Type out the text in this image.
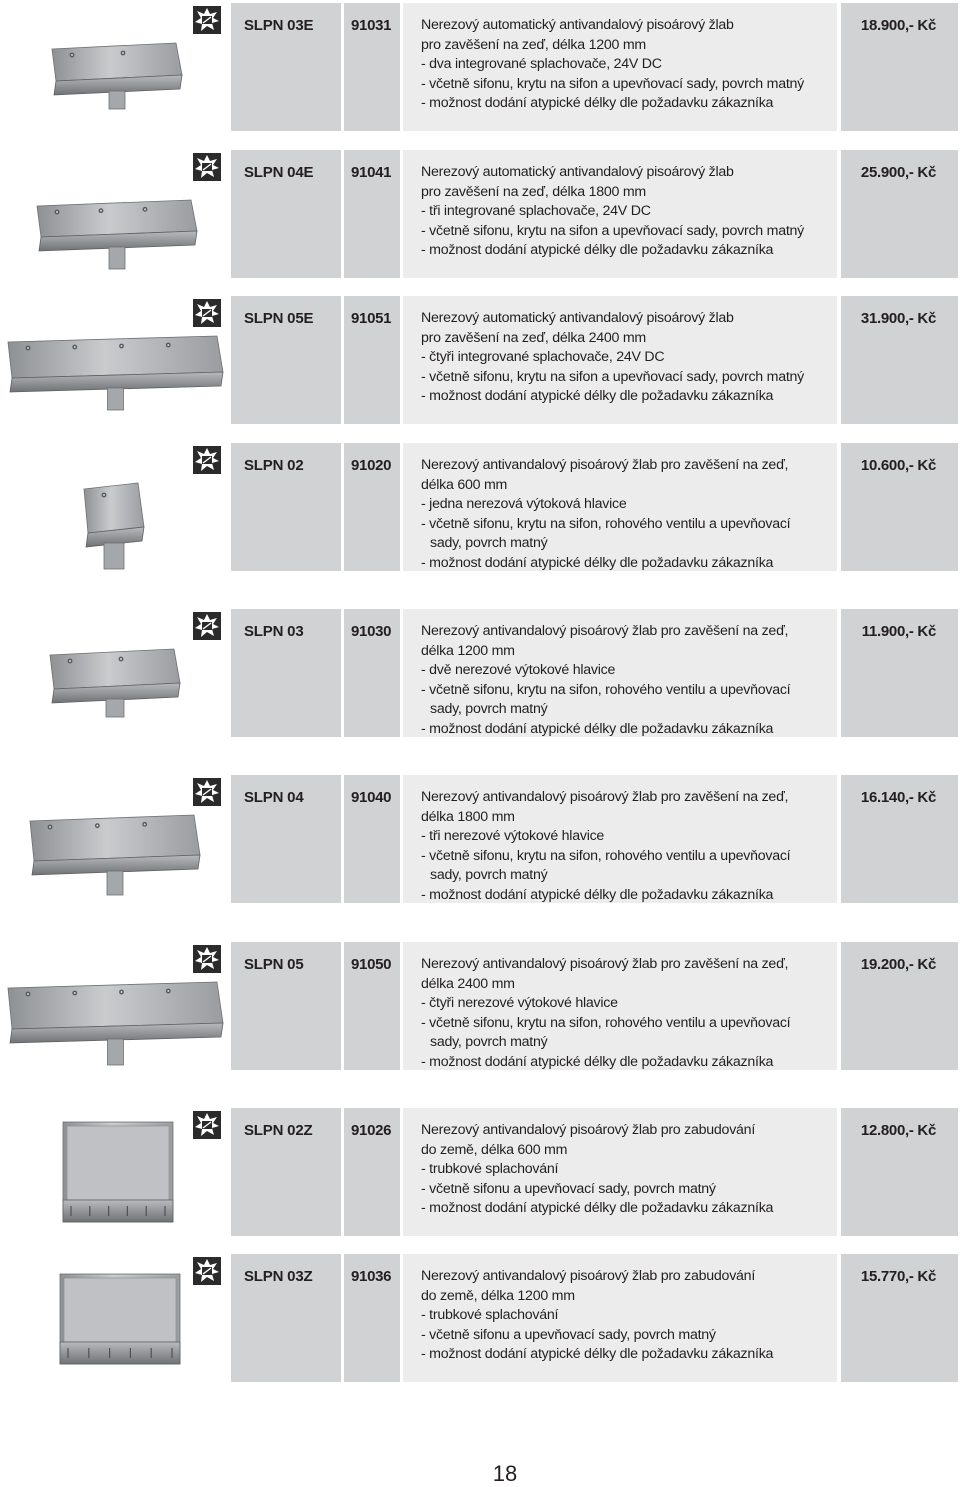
SLPN 03E	91031 Nerezový automatický antivandalový pisoárový žlab
pro zavěšení na zeď, délka 1200 mm
- dva integrované splachovače, 24V DC
- včetně sifonu, krytu na sifon a upevňovací sady, povrch matný
- možnost dodání atypické délky dle požadavku zákazníka
18.900,- Kč
SLPN 04E	91041 Nerezový automatický antivandalový pisoárový žlab
pro zavěšení na zeď, délka 1800 mm
- tři integrované splachovače, 24V DC
- včetně sifonu, krytu na sifon a upevňovací sady, povrch matný
- možnost dodání atypické délky dle požadavku zákazníka
25.900,- Kč
SLPN 05E	91051 Nerezový automatický antivandalový pisoárový žlab
pro zavěšení na zeď, délka 2400 mm
- čtyři integrované splachovače, 24V DC
- včetně sifonu, krytu na sifon a upevňovací sady, povrch matný
- možnost dodání atypické délky dle požadavku zákazníka
31.900,- Kč
SLPN 02	91020 Nerezový antivandalový pisoárový žlab pro zavěšení na zeď,
délka 600 mm
- jedna nerezová výtoková hlavice
- včetně sifonu, krytu na sifon, rohového ventilu a upevňovací
sady, povrch matný
- možnost dodání atypické délky dle požadavku zákazníka
10.600,- Kč
SLPN 03	91030 Nerezový antivandalový pisoárový žlab pro zavěšení na zeď,
délka 1200 mm
- dvě nerezové výtokové hlavice
- včetně sifonu, krytu na sifon, rohového ventilu a upevňovací
sady, povrch matný
- možnost dodání atypické délky dle požadavku zákazníka
11.900,- Kč
SLPN 04	91040 Nerezový antivandalový pisoárový žlab pro zavěšení na zeď,
délka 1800 mm
- tři nerezové výtokové hlavice
- včetně sifonu, krytu na sifon, rohového ventilu a upevňovací
sady, povrch matný
- možnost dodání atypické délky dle požadavku zákazníka
16.140,- Kč
SLPN 05	91050 Nerezový antivandalový pisoárový žlab pro zavěšení na zeď,
délka 2400 mm
- čtyři nerezové výtokové hlavice
- včetně sifonu, krytu na sifon, rohového ventilu a upevňovací
sady, povrch matný
- možnost dodání atypické délky dle požadavku zákazníka
19.200,- Kč
SLPN 02Z	91026 Nerezový antivandalový pisoárový žlab pro zabudování
do země, délka 600 mm
- trubkové splachování
- včetně sifonu a upevňovací sady, povrch matný
- možnost dodání atypické délky dle požadavku zákazníka
12.800,- Kč
SLPN 03Z	91036 Nerezový antivandalový pisoárový žlab pro zabudování
do země, délka 1200 mm
- trubkové splachování
- včetně sifonu a upevňovací sady, povrch matný
- možnost dodání atypické délky dle požadavku zákazníka
15.770,- Kč
18
